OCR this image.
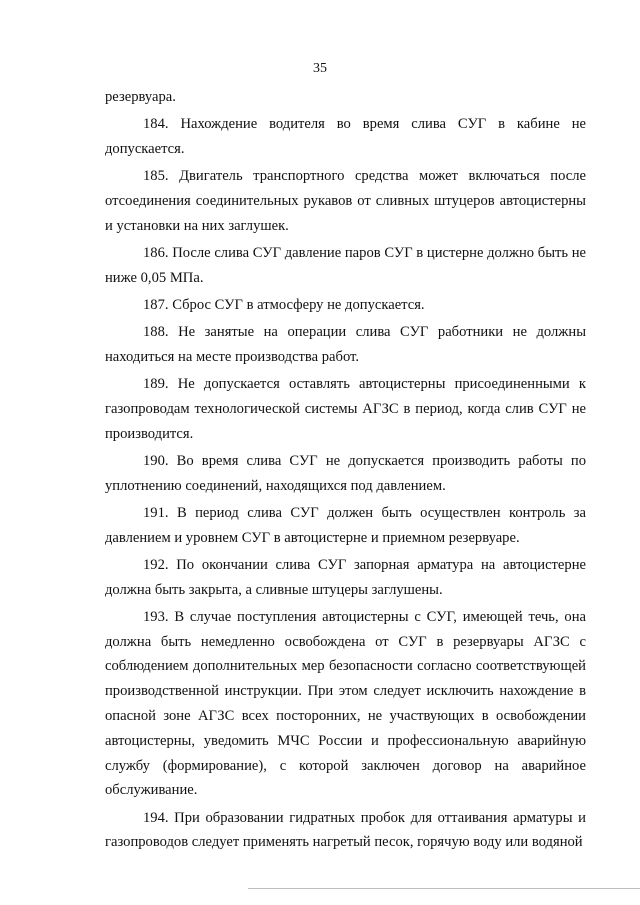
35

резервуара.

184. Нахождение водителя во время слива СУГ в кабине не допускается.

185. Двигатель транспортного средства может включаться после отсоединения соединительных рукавов от сливных штуцеров автоцистерны и установки на них заглушек.

186. После слива СУГ давление паров СУГ в цистерне должно быть не ниже 0,05 МПа.

187. Сброс СУГ в атмосферу не допускается.

188. Не занятые на операции слива СУГ работники не должны находиться на месте производства работ.

189. Не допускается оставлять автоцистерны присоединенными к газопроводам технологической системы АГЗС в период, когда слив СУГ не производится.

190. Во время слива СУГ не допускается производить работы по уплотнению соединений, находящихся под давлением.

191. В период слива СУГ должен быть осуществлен контроль за давлением и уровнем СУГ в автоцистерне и приемном резервуаре.

192. По окончании слива СУГ запорная арматура на автоцистерне должна быть закрыта, а сливные штуцеры заглушены.

193. В случае поступления автоцистерны с СУГ, имеющей течь, она должна быть немедленно освобождена от СУГ в резервуары АГЗС с соблюдением дополнительных мер безопасности согласно соответствующей производственной инструкции. При этом следует исключить нахождение в опасной зоне АГЗС всех посторонних, не участвующих в освобождении автоцистерны, уведомить МЧС России и профессиональную аварийную службу (формирование), с которой заключен договор на аварийное обслуживание.

194. При образовании гидратных пробок для оттаивания арматуры и газопроводов следует применять нагретый песок, горячую воду или водяной
